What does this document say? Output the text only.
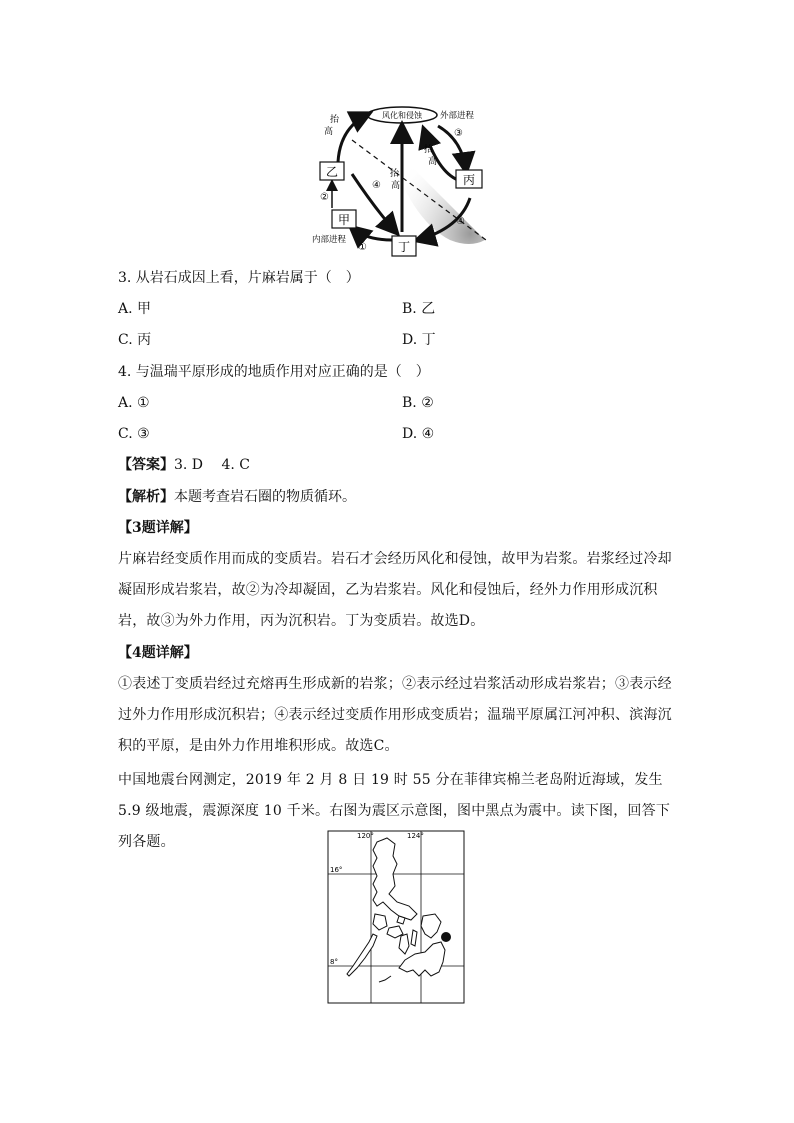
风化和侵蚀 外部进程
内部进程
抬
高
抬
高
抬
高
③
④
④
②
①
乙
甲
丙
丁
3. 从岩石成因上看，片麻岩属于（　）
A. 甲	B. 乙
C. 丙	D. 丁
4. 与温瑞平原形成的地质作用对应正确的是（　）
A. ①	B. ②
C. ③	D. ④
【答案】3. D　 4. C
【解析】本题考查岩石圈的物质循环。
【3题详解】
片麻岩经变质作用而成的变质岩。岩石才会经历风化和侵蚀，故甲为岩浆。岩浆经过冷却凝固形成岩浆岩，故②为冷却凝固，乙为岩浆岩。风化和侵蚀后，经外力作用形成沉积岩，故③为外力作用，丙为沉积岩。丁为变质岩。故选D。
【4题详解】
①表述丁变质岩经过充熔再生形成新的岩浆；②表示经过岩浆活动形成岩浆岩；③表示经过外力作用形成沉积岩；④表示经过变质作用形成变质岩；温瑞平原属江河冲积、滨海沉积的平原，是由外力作用堆积形成。故选C。
中国地震台网测定，2019 年 2 月 8 日 19 时 55 分在菲律宾棉兰老岛附近海域，发生 5.9 级地震，震源深度 10 千米。右图为震区示意图，图中黑点为震中。读下图，回答下列各题。	120°	124°
16°
8°
